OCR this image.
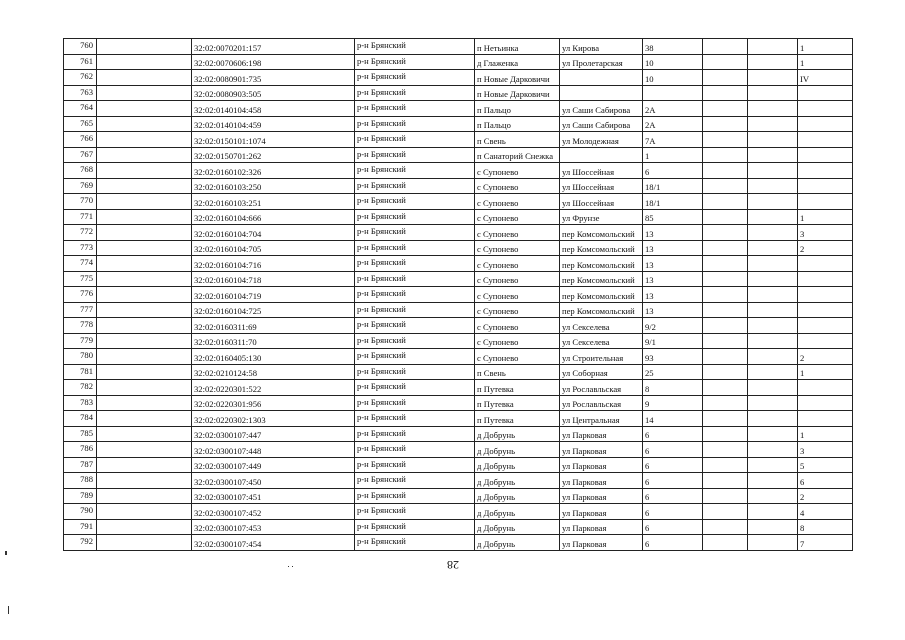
760		32:02:0070201:157	р-н Брянский	п Нетьинка	ул Кирова	38			1
761		32:02:0070606:198	р-н Брянский	д Глаженка	ул Пролетарская	10			1
762		32:02:0080901:735	р-н Брянский	п Новые Дарковичи		10			IV
763		32:02:0080903:505	р-н Брянский	п Новые Дарковичи					
764		32:02:0140104:458	р-н Брянский	п Пальцо	ул Саши Сабирова	2А			
765		32:02:0140104:459	р-н Брянский	п Пальцо	ул Саши Сабирова	2А			
766		32:02:0150101:1074	р-н Брянский	п Свень	ул Молодежная	7А			
767		32:02:0150701:262	р-н Брянский	п Санаторий Снежка		1			
768		32:02:0160102:326	р-н Брянский	с Супонево	ул Шоссейная	6			
769		32:02:0160103:250	р-н Брянский	с Супонево	ул Шоссейная	18/1			
770		32:02:0160103:251	р-н Брянский	с Супонево	ул Шоссейная	18/1			
771		32:02:0160104:666	р-н Брянский	с Супонево	ул Фрунзе	85			1
772		32:02:0160104:704	р-н Брянский	с Супонево	пер Комсомольский	13			3
773		32:02:0160104:705	р-н Брянский	с Супонево	пер Комсомольский	13			2
774		32:02:0160104:716	р-н Брянский	с Супонево	пер Комсомольский	13			
775		32:02:0160104:718	р-н Брянский	с Супонево	пер Комсомольский	13			
776		32:02:0160104:719	р-н Брянский	с Супонево	пер Комсомольский	13			
777		32:02:0160104:725	р-н Брянский	с Супонево	пер Комсомольский	13			
778		32:02:0160311:69	р-н Брянский	с Супонево	ул Секселева	9/2			
779		32:02:0160311:70	р-н Брянский	с Супонево	ул Секселева	9/1			
780		32:02:0160405:130	р-н Брянский	с Супонево	ул Строительная	93			2
781		32:02:0210124:58	р-н Брянский	п Свень	ул Соборная	25			1
782		32:02:0220301:522	р-н Брянский	п Путевка	ул Рославльская	8			
783		32:02:0220301:956	р-н Брянский	п Путевка	ул Рославльская	9			
784		32:02:0220302:1303	р-н Брянский	п Путевка	ул Центральная	14			
785		32:02:0300107:447	р-н Брянский	д Добрунь	ул Парковая	6			1
786		32:02:0300107:448	р-н Брянский	д Добрунь	ул Парковая	6			3
787		32:02:0300107:449	р-н Брянский	д Добрунь	ул Парковая	6			5
788		32:02:0300107:450	р-н Брянский	д Добрунь	ул Парковая	6			6
789		32:02:0300107:451	р-н Брянский	д Добрунь	ул Парковая	6			2
790		32:02:0300107:452	р-н Брянский	д Добрунь	ул Парковая	6			4
791		32:02:0300107:453	р-н Брянский	д Добрунь	ул Парковая	6			8
792		32:02:0300107:454	р-н Брянский	д Добрунь	ул Парковая	6			7
28
